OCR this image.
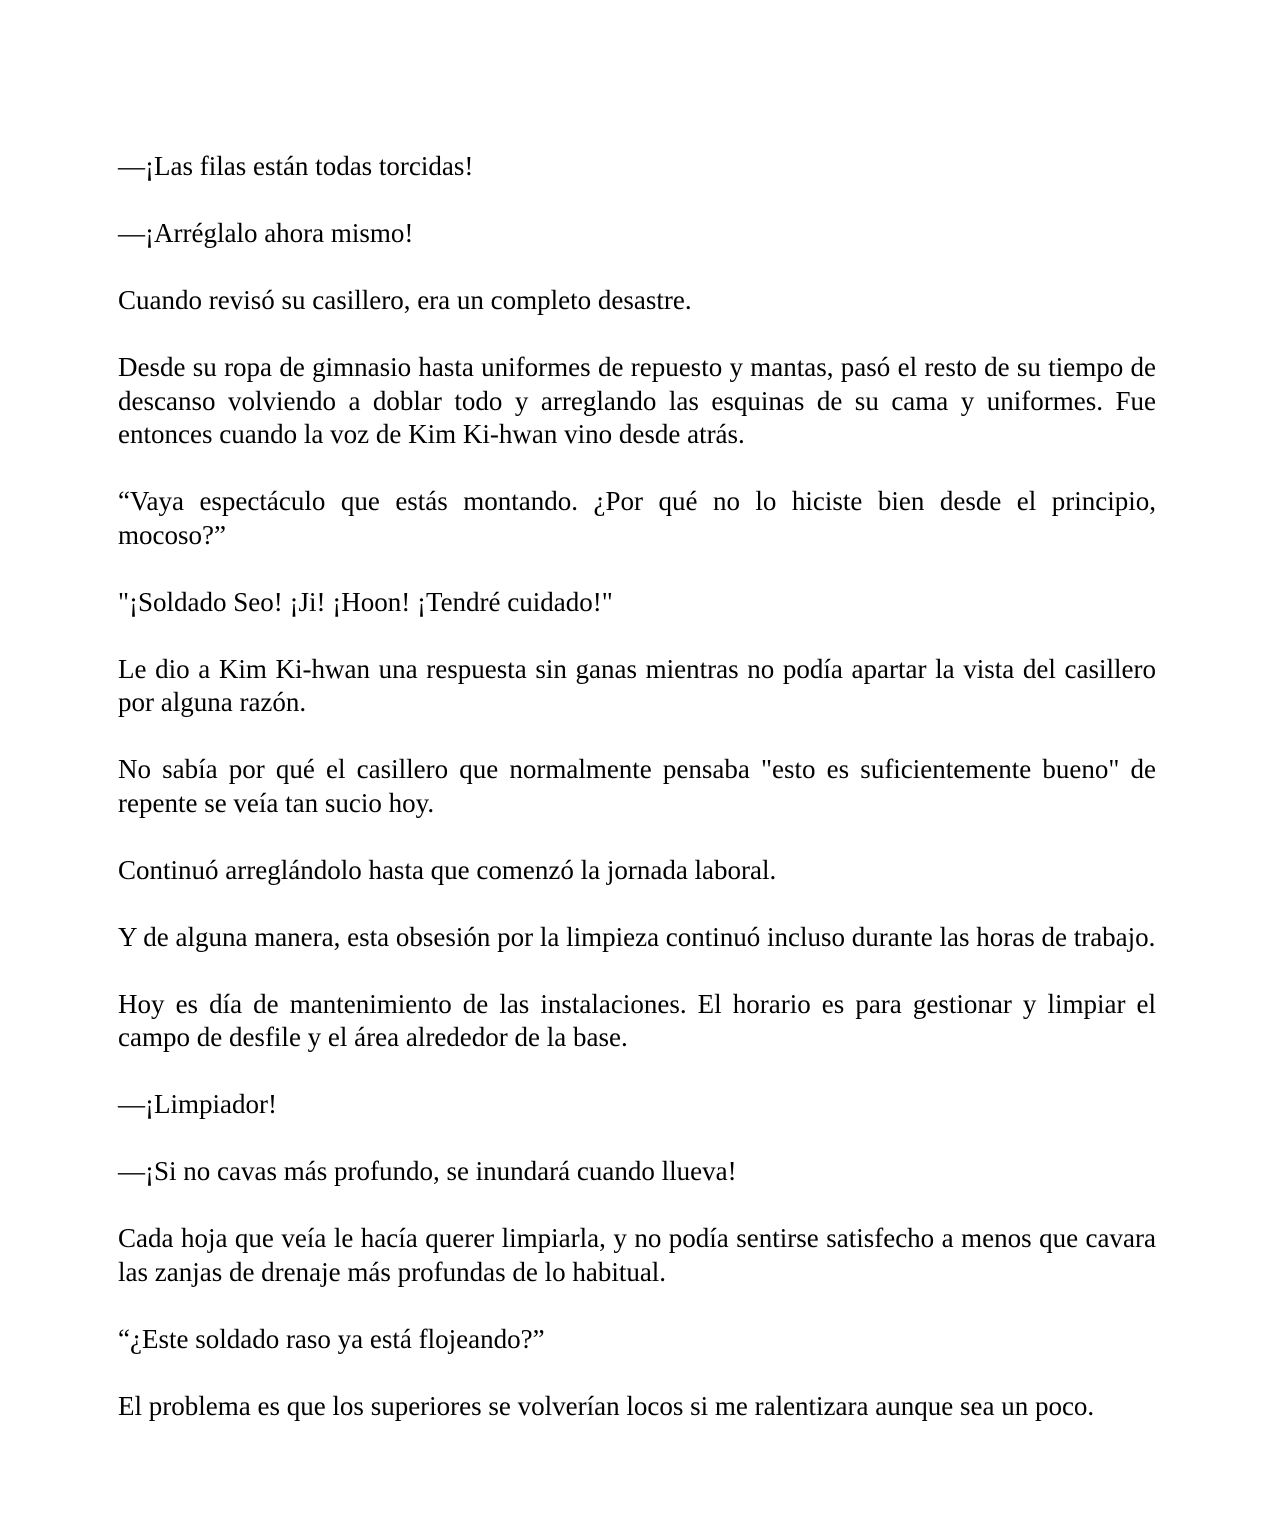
—¡Las filas están todas torcidas!

—¡Arréglalo ahora mismo!

Cuando revisó su casillero, era un completo desastre.

Desde su ropa de gimnasio hasta uniformes de repuesto y mantas, pasó el resto de su tiempo de descanso volviendo a doblar todo y arreglando las esquinas de su cama y uniformes. Fue entonces cuando la voz de Kim Ki-hwan vino desde atrás.

“Vaya espectáculo que estás montando. ¿Por qué no lo hiciste bien desde el principio, mocoso?”

"¡Soldado Seo! ¡Ji! ¡Hoon! ¡Tendré cuidado!"

Le dio a Kim Ki-hwan una respuesta sin ganas mientras no podía apartar la vista del casillero por alguna razón.

No sabía por qué el casillero que normalmente pensaba "esto es suficientemente bueno" de repente se veía tan sucio hoy.

Continuó arreglándolo hasta que comenzó la jornada laboral.

Y de alguna manera, esta obsesión por la limpieza continuó incluso durante las horas de trabajo.

Hoy es día de mantenimiento de las instalaciones. El horario es para gestionar y limpiar el campo de desfile y el área alrededor de la base.

—¡Limpiador!

—¡Si no cavas más profundo, se inundará cuando llueva!

Cada hoja que veía le hacía querer limpiarla, y no podía sentirse satisfecho a menos que cavara las zanjas de drenaje más profundas de lo habitual.

“¿Este soldado raso ya está flojeando?”

El problema es que los superiores se volverían locos si me ralentizara aunque sea un poco.
